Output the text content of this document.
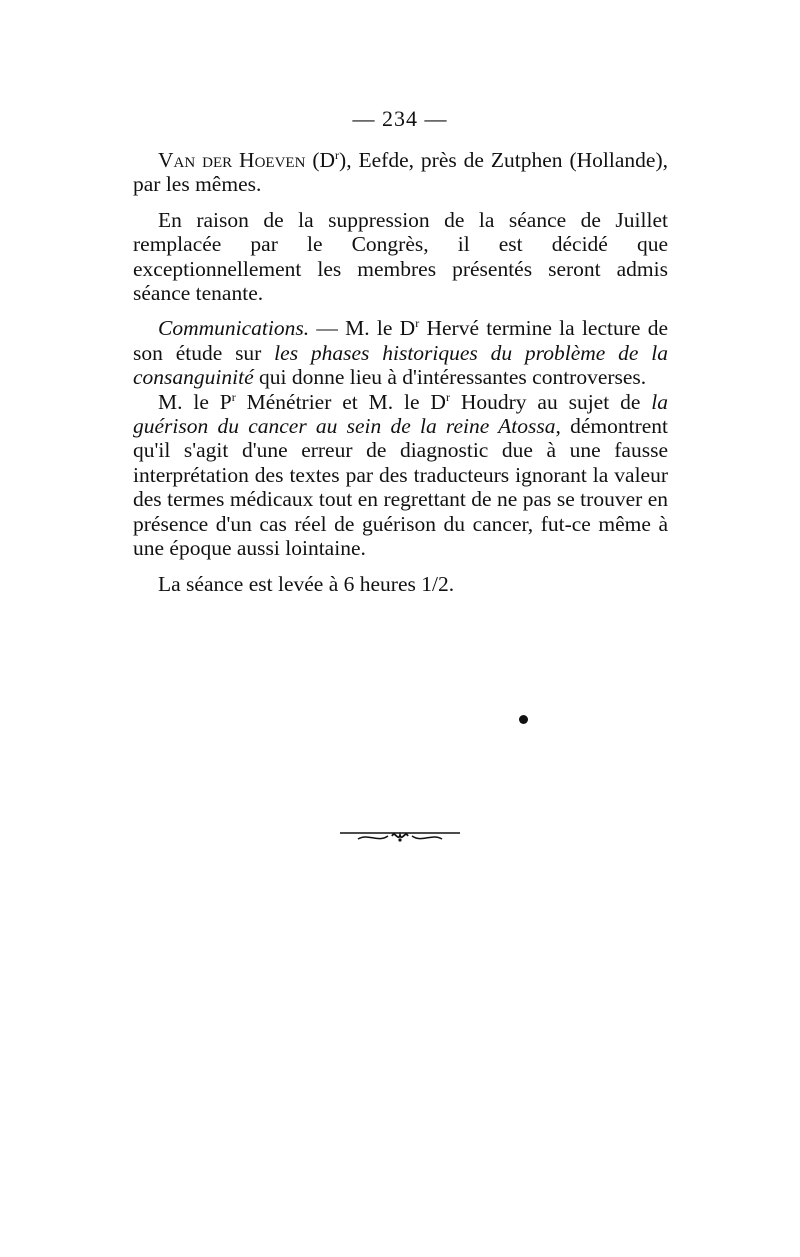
— 234 —

Van der Hoeven $(D^r)$, Eefde, près de Zutphen (Hollande), par les mêmes.

En raison de la suppression de la séance de Juillet remplacée par le Congrès, il est décidé que exceptionnellement les membres présentés seront admis séance tenante.

Communications. — M. le $D^r$ Hervé termine la lecture de son étude sur les phases historiques du problème de la consanguinité qui donne lieu à d'intéressantes controverses.

M. le $P^r$ Ménétrier et M. le $D^r$ Houdry au sujet de la guérison du cancer au sein de la reine Atossa, démontrent qu'il s'agit d'une erreur de diagnostic due à une fausse interprétation des textes par des traducteurs ignorant la valeur des termes médicaux tout en regrettant de ne pas se trouver en présence d'un cas réel de guérison du cancer, fut-ce même à une époque aussi lointaine.

La séance est levée à 6 heures 1/2.
